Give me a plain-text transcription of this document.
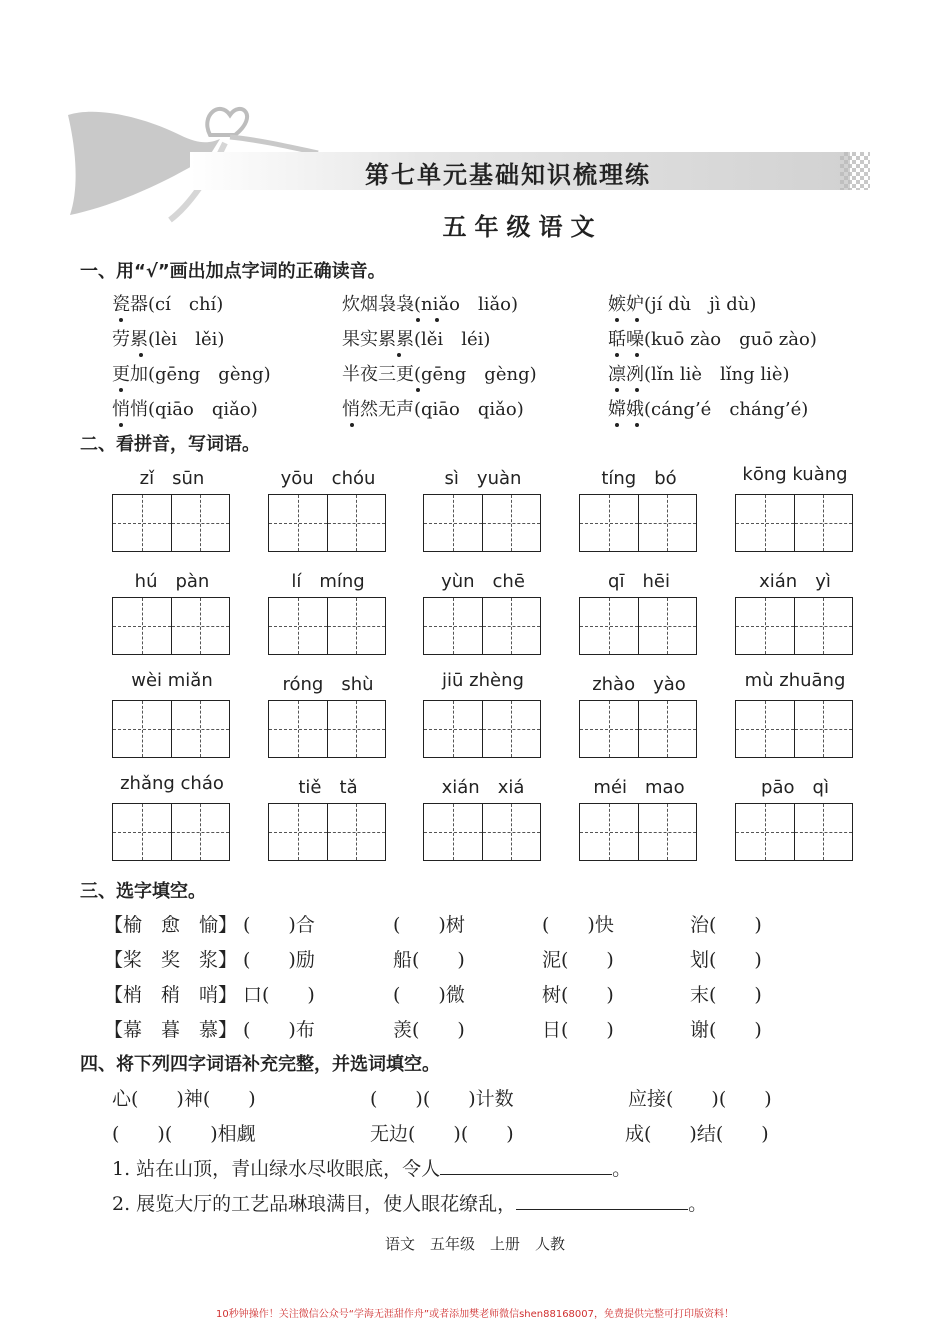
第七单元基础知识梳理练
五年级语文
一、用“√”画出加点字词的正确读音。
瓷器(cí　chí)	炊烟袅袅(niǎo　liǎo)	嫉妒(jí dù　jì dù)
劳累(lèi　lěi)	果实累累(lěi　léi)	聒噪(kuō zào　guō zào)
更加(gēng　gèng)	半夜三更(gēng　gèng)	凛冽(lǐn liè　lǐng liè)
悄悄(qiāo　qiǎo)	悄然无声(qiāo　qiǎo)	嫦娥(cáng’é　cháng’é)
二、看拼音，写词语。
zǐ　sūn	yōu　chóu	sì　yuàn	tíng　bó	kōng kuàng
hú　pàn	lí　míng	yùn　chē	qī　hēi	xián　yì
wèi miǎn	róng　shù	jiū zhèng	zhào　yào	mù zhuāng
zhǎng cháo	tiě　tǎ	xián　xiá	méi　mao	pāo　qì
三、选字填空。
【榆　愈　愉】 (　　)合	(　　)树	(　　)快	治(　　)
【桨　奖　浆】 (　　)励	船(　　)	泥(　　)	划(　　)
【梢　稍　哨】 口(　　)	(　　)微	树(　　)	末(　　)
【幕　暮　慕】 (　　)布	羡(　　)	日(　　)	谢(　　)
四、将下列四字词语补充完整，并选词填空。
心(　　)神(　　)	(　　)(　　)计数	应接(　　)(　　)
(　　)(　　)相觑	无边(　　)(　　)	成(　　)结(　　)
1. 站在山顶，青山绿水尽收眼底，令人	。
2. 展览大厅的工艺品琳琅满目，使人眼花缭乱，	。
语文　五年级　上册　人教
10秒钟操作！关注微信公众号“学海无涯甜作舟”或者添加樊老师微信shen88168007，免费提供完整可打印版资料！
